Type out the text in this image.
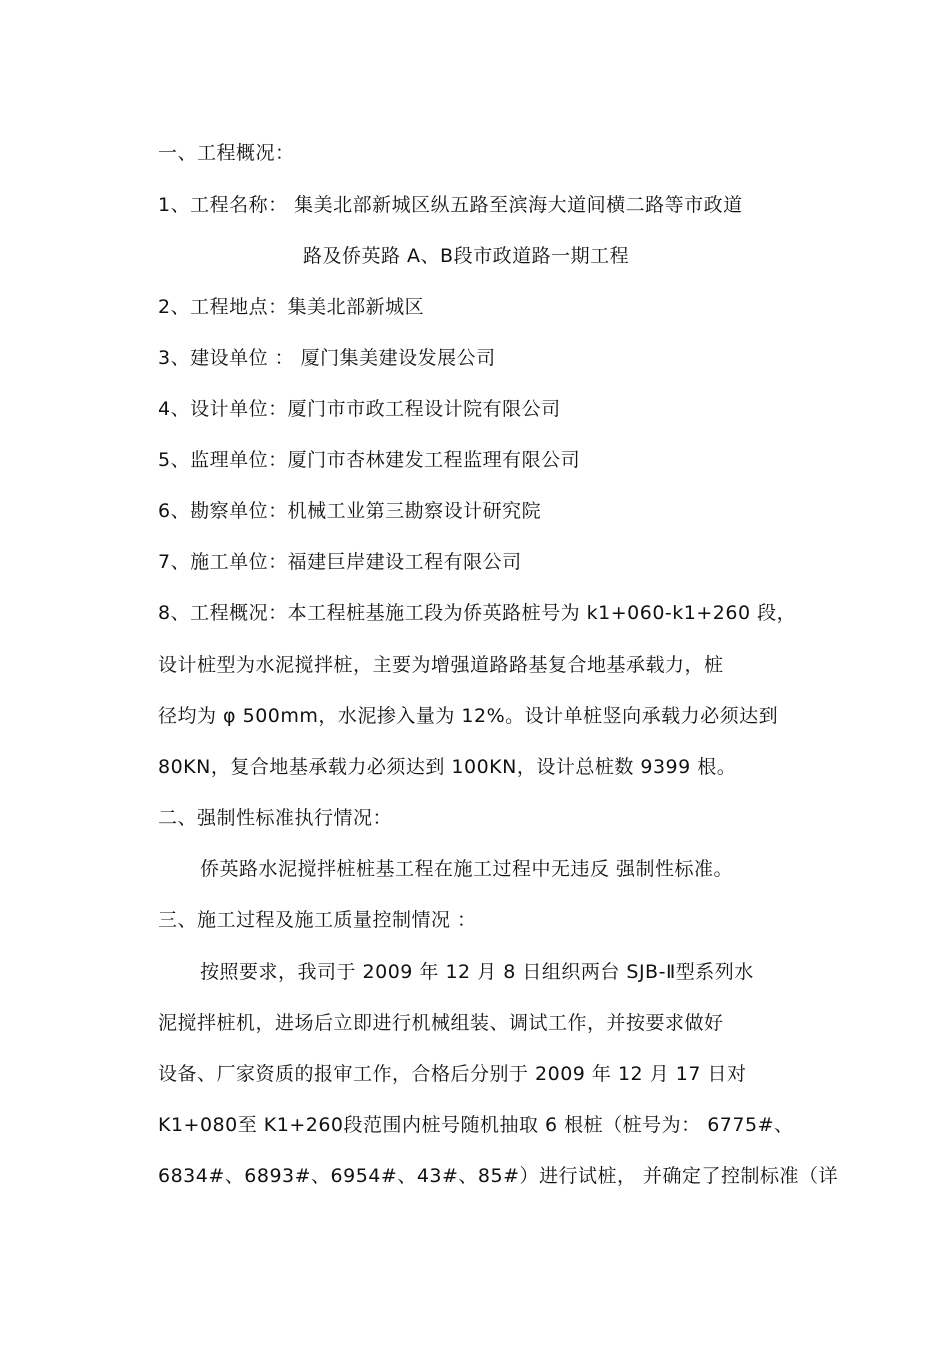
一、工程概况：
1、工程名称： 集美北部新城区纵五路至滨海大道间横二路等市政道
路及侨英路 A、B段市政道路一期工程
2、工程地点：集美北部新城区
3、建设单位 ： 厦门集美建设发展公司
4、设计单位：厦门市市政工程设计院有限公司
5、监理单位：厦门市杏林建发工程监理有限公司
6、勘察单位：机械工业第三勘察设计研究院
7、施工单位：福建巨岸建设工程有限公司
8、工程概况：本工程桩基施工段为侨英路桩号为 k1+060-k1+260 段，
设计桩型为水泥搅拌桩，主要为增强道路路基复合地基承载力，桩
径均为 φ 500mm，水泥掺入量为 12%。设计单桩竖向承载力必须达到
80KN，复合地基承载力必须达到 100KN，设计总桩数 9399 根。
二、强制性标准执行情况：
侨英路水泥搅拌桩桩基工程在施工过程中无违反 强制性标准。
三、施工过程及施工质量控制情况 ：
按照要求，我司于 2009 年 12 月 8 日组织两台 SJB-Ⅱ型系列水
泥搅拌桩机，进场后立即进行机械组装、调试工作，并按要求做好
设备、厂家资质的报审工作，合格后分别于 2009 年 12 月 17 日对
K1+080至 K1+260段范围内桩号随机抽取 6 根桩（桩号为： 6775#、
6834#、6893#、6954#、43#、85#）进行试桩， 并确定了控制标准（详
